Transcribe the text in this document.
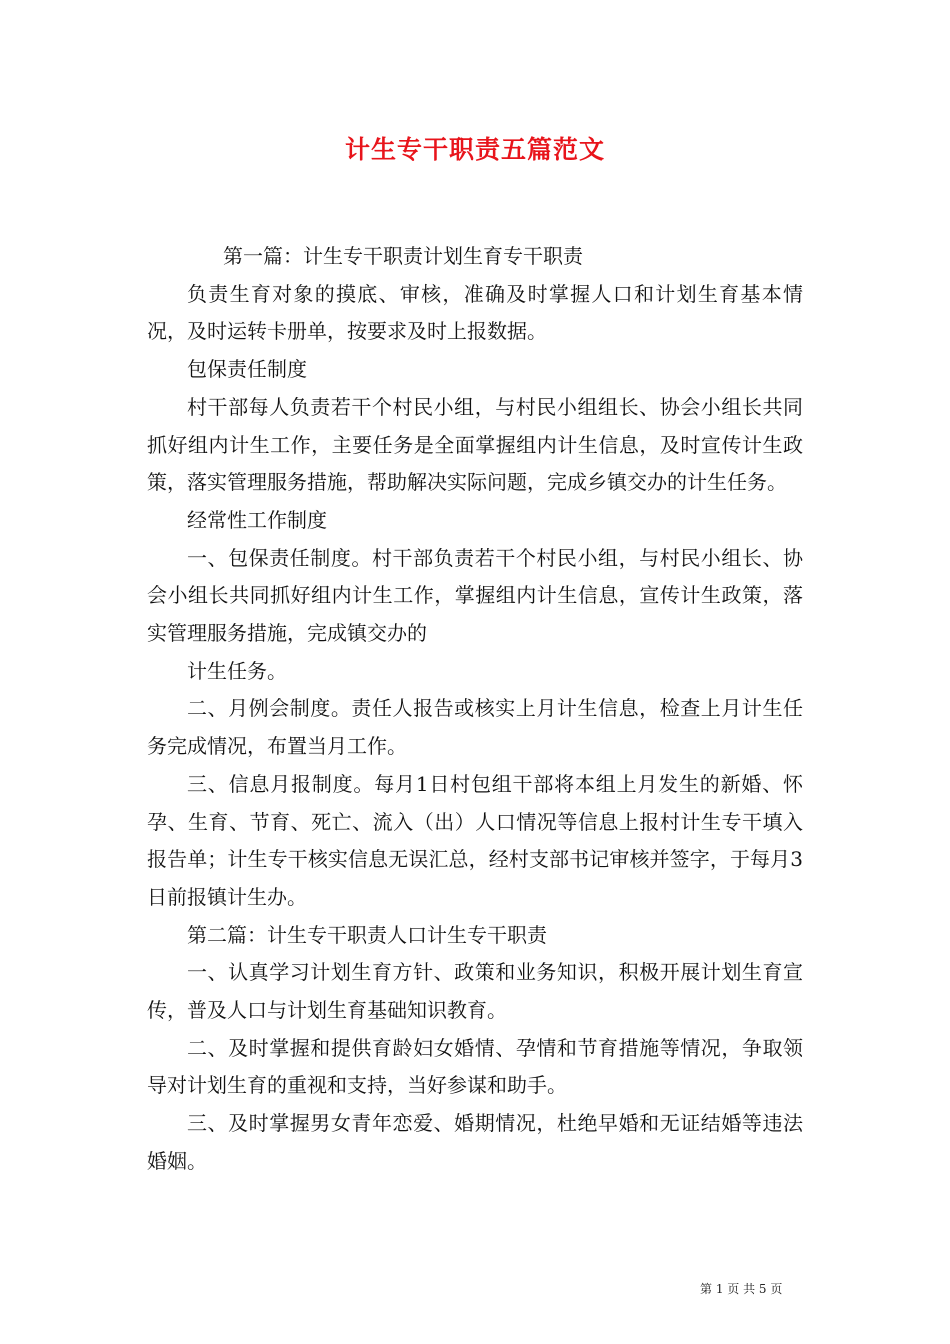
计生专干职责五篇范文

第一篇：计生专干职责计划生育专干职责

负责生育对象的摸底、审核，准确及时掌握人口和计划生育基本情况，及时运转卡册单，按要求及时上报数据。

包保责任制度

村干部每人负责若干个村民小组，与村民小组组长、协会小组长共同抓好组内计生工作，主要任务是全面掌握组内计生信息，及时宣传计生政策，落实管理服务措施，帮助解决实际问题，完成乡镇交办的计生任务。

经常性工作制度

一、包保责任制度。村干部负责若干个村民小组，与村民小组长、协会小组长共同抓好组内计生工作，掌握组内计生信息，宣传计生政策，落实管理服务措施，完成镇交办的

计生任务。

二、月例会制度。责任人报告或核实上月计生信息，检查上月计生任务完成情况，布置当月工作。

三、信息月报制度。每月1日村包组干部将本组上月发生的新婚、怀孕、生育、节育、死亡、流入（出）人口情况等信息上报村计生专干填入报告单；计生专干核实信息无误汇总，经村支部书记审核并签字，于每月3日前报镇计生办。

第二篇：计生专干职责人口计生专干职责

一、认真学习计划生育方针、政策和业务知识，积极开展计划生育宣传，普及人口与计划生育基础知识教育。

二、及时掌握和提供育龄妇女婚情、孕情和节育措施等情况，争取领导对计划生育的重视和支持，当好参谋和助手。

三、及时掌握男女青年恋爱、婚期情况，杜绝早婚和无证结婚等违法婚姻。

第 1 页 共 5 页
